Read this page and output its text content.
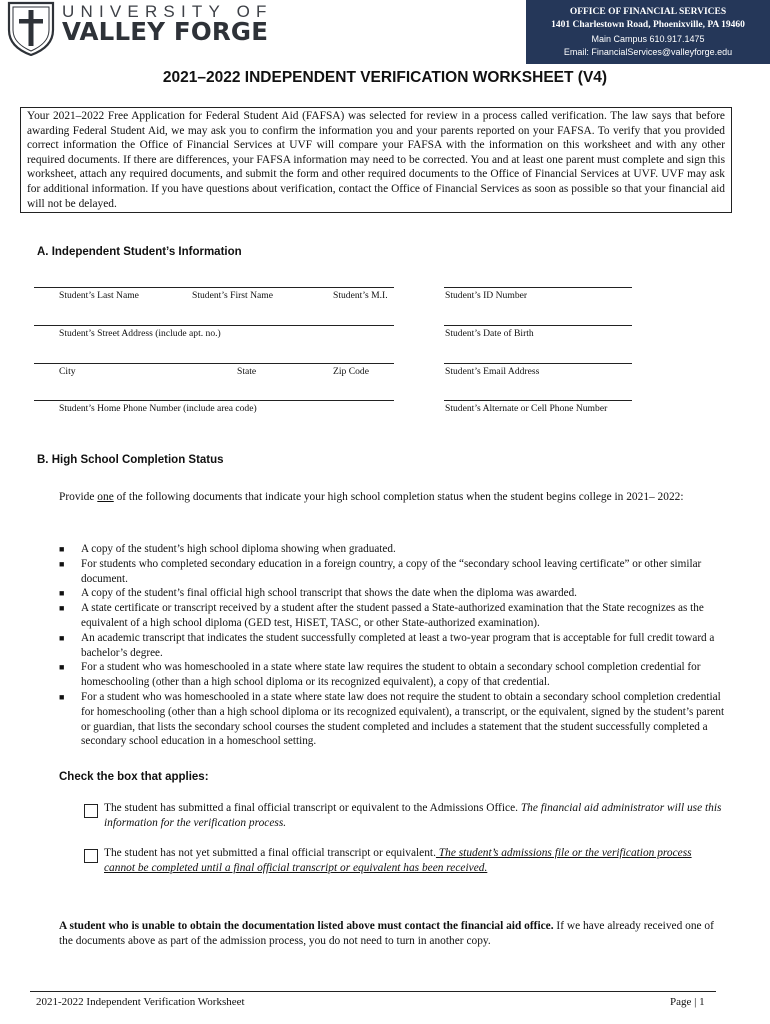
UNIVERSITY OF
VALLEY FORGE
OFFICE OF FINANCIAL SERVICES
1401 Charlestown Road, Phoenixville, PA 19460
Main Campus 610.917.1475
Email: FinancialServices@valleyforge.edu
2021–2022 INDEPENDENT VERIFICATION WORKSHEET (V4)

Your 2021–2022 Free Application for Federal Student Aid (FAFSA) was selected for review in a process called verification. The law says that before awarding Federal Student Aid, we may ask you to confirm the information you and your parents reported on your FAFSA. To verify that you provided correct information the Office of Financial Services at UVF will compare your FAFSA with the information on this worksheet and with any other required documents. If there are differences, your FAFSA information may need to be corrected. You and at least one parent must complete and sign this worksheet, attach any required documents, and submit the form and other required documents to the Office of Financial Services at UVF. UVF may ask for additional information. If you have questions about verification, contact the Office of Financial Services as soon as possible so that your financial aid will not be delayed.

A. Independent Student’s Information
Student’s Last Name	Student’s First Name	Student’s M.I.	Student’s ID Number
Student’s Street Address (include apt. no.)	Student’s Date of Birth
City	State	Zip Code	Student’s Email Address
Student’s Home Phone Number (include area code)	Student’s Alternate or Cell Phone Number
B. High School Completion Status
Provide one of the following documents that indicate your high school completion status when the student begins college in 2021– 2022:
■ A copy of the student’s high school diploma showing when graduated.
■ For students who completed secondary education in a foreign country, a copy of the “secondary school leaving certificate” or other similar document.
■ A copy of the student’s final official high school transcript that shows the date when the diploma was awarded.
■ A state certificate or transcript received by a student after the student passed a State-authorized examination that the State recognizes as the equivalent of a high school diploma (GED test, HiSET, TASC, or other State-authorized examination).
■ An academic transcript that indicates the student successfully completed at least a two-year program that is acceptable for full credit toward a bachelor’s degree.
■ For a student who was homeschooled in a state where state law requires the student to obtain a secondary school completion credential for homeschooling (other than a high school diploma or its recognized equivalent), a copy of that credential.
■ For a student who was homeschooled in a state where state law does not require the student to obtain a secondary school completion credential for homeschooling (other than a high school diploma or its recognized equivalent), a transcript, or the equivalent, signed by the student’s parent or guardian, that lists the secondary school courses the student completed and includes a statement that the student successfully completed a secondary school education in a homeschool setting.
Check the box that applies:
The student has submitted a final official transcript or equivalent to the Admissions Office. The financial aid administrator will use this information for the verification process.
The student has not yet submitted a final official transcript or equivalent. The student’s admissions file or the verification process cannot be completed until a final official transcript or equivalent has been received.
A student who is unable to obtain the documentation listed above must contact the financial aid office. If we have already received one of the documents above as part of the admission process, you do not need to turn in another copy.
2021-2022 Independent Verification Worksheet	Page | 1
